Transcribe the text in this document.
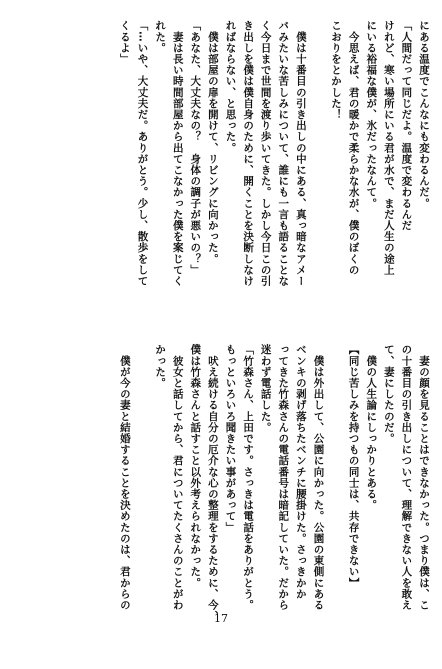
にある温度でこんなにも変わるんだ。
「人間だって同じだよ。温度で変わるんだ
けれど、寒い場所にいる君が水で、まだ人生の途上
にいる裕福な僕が、氷だったなんて。
　今思えば、君の暖かで柔らかな水が、僕のぼくの
こおりをとかした！

　僕は十番目の引き出しの中にある、真っ暗なアメー
バみたいな苦しみについて、誰にも一言も語ることな
く今日まで世間を渡り歩いてきた。しかし今日この引
き出しを僕は僕自身のために、開くことを決断しなけ
ればならない、と思った。
　僕は部屋の扉を開けて、リビングに向かった。
「あなた、大丈夫なの？　身体の調子が悪いの？」
　妻は長い時間部屋から出てこなかった僕を案じてく
れた。
「…いや、大丈夫だ。ありがとう。少し、散歩をして
くるよ」
　妻の顔を見ることはできなかった。つまり僕は、こ
の十番目の引き出しについて、理解できない人を敢え
て、妻にしたのだ。
　僕の人生論にしっかりとある。
【同じ苦しみを持つもの同士は、共存できない】

　僕は外出して、公園に向かった。公園の東側にある
ベンキの剥げ落ちたベンチに腰掛けた。さっきかか
ってきた竹森さんの電話番号は暗記していた。だから
迷わず電話した。
「竹森さん、上田です。さっきは電話をありがとう。
もっといろいろ聞きたい事があって」
　吠え続ける自分の厄介な心の整理をするために、今、
僕は竹森さんと話すこと以外考えられなかった。
　彼女と話してから、君についてたくさんのことがわ
かった。

　僕が今の妻と結婚することを決めたのは、君からの
17
